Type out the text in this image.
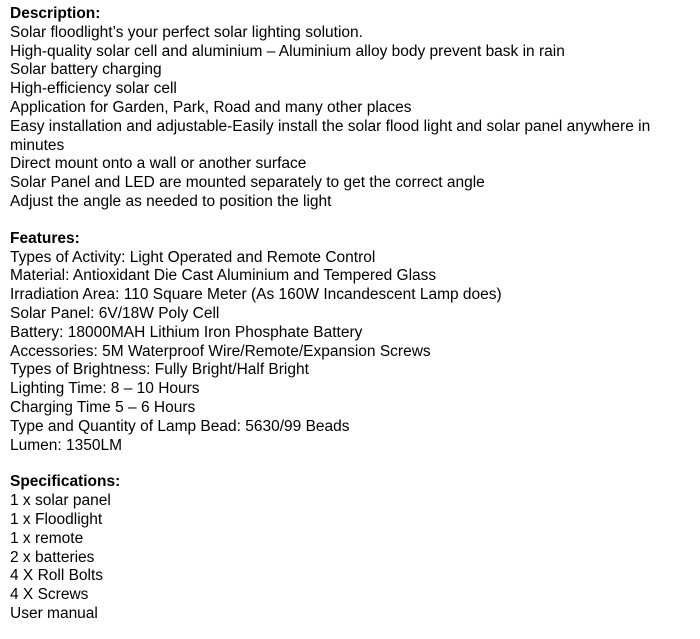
Description:

Solar floodlight’s your perfect solar lighting solution.

High-quality solar cell and aluminium – Aluminium alloy body prevent bask in rain

Solar battery charging

High-efficiency solar cell

Application for Garden, Park, Road and many other places

Easy installation and adjustable-Easily install the solar flood light and solar panel anywhere in minutes

Direct mount onto a wall or another surface

Solar Panel and LED are mounted separately to get the correct angle

Adjust the angle as needed to position the light

Features:

Types of Activity: Light Operated and Remote Control

Material: Antioxidant Die Cast Aluminium and Tempered Glass

Irradiation Area: 110 Square Meter (As 160W Incandescent Lamp does)

Solar Panel: 6V/18W Poly Cell

Battery: 18000MAH Lithium Iron Phosphate Battery

Accessories: 5M Waterproof Wire/Remote/Expansion Screws

Types of Brightness: Fully Bright/Half Bright

Lighting Time: 8 – 10 Hours

Charging Time 5 – 6 Hours

Type and Quantity of Lamp Bead: 5630/99 Beads

Lumen: 1350LM

Specifications:

1 x solar panel

1 x Floodlight

1 x remote

2 x batteries

4 X Roll Bolts

4 X Screws

User manual
